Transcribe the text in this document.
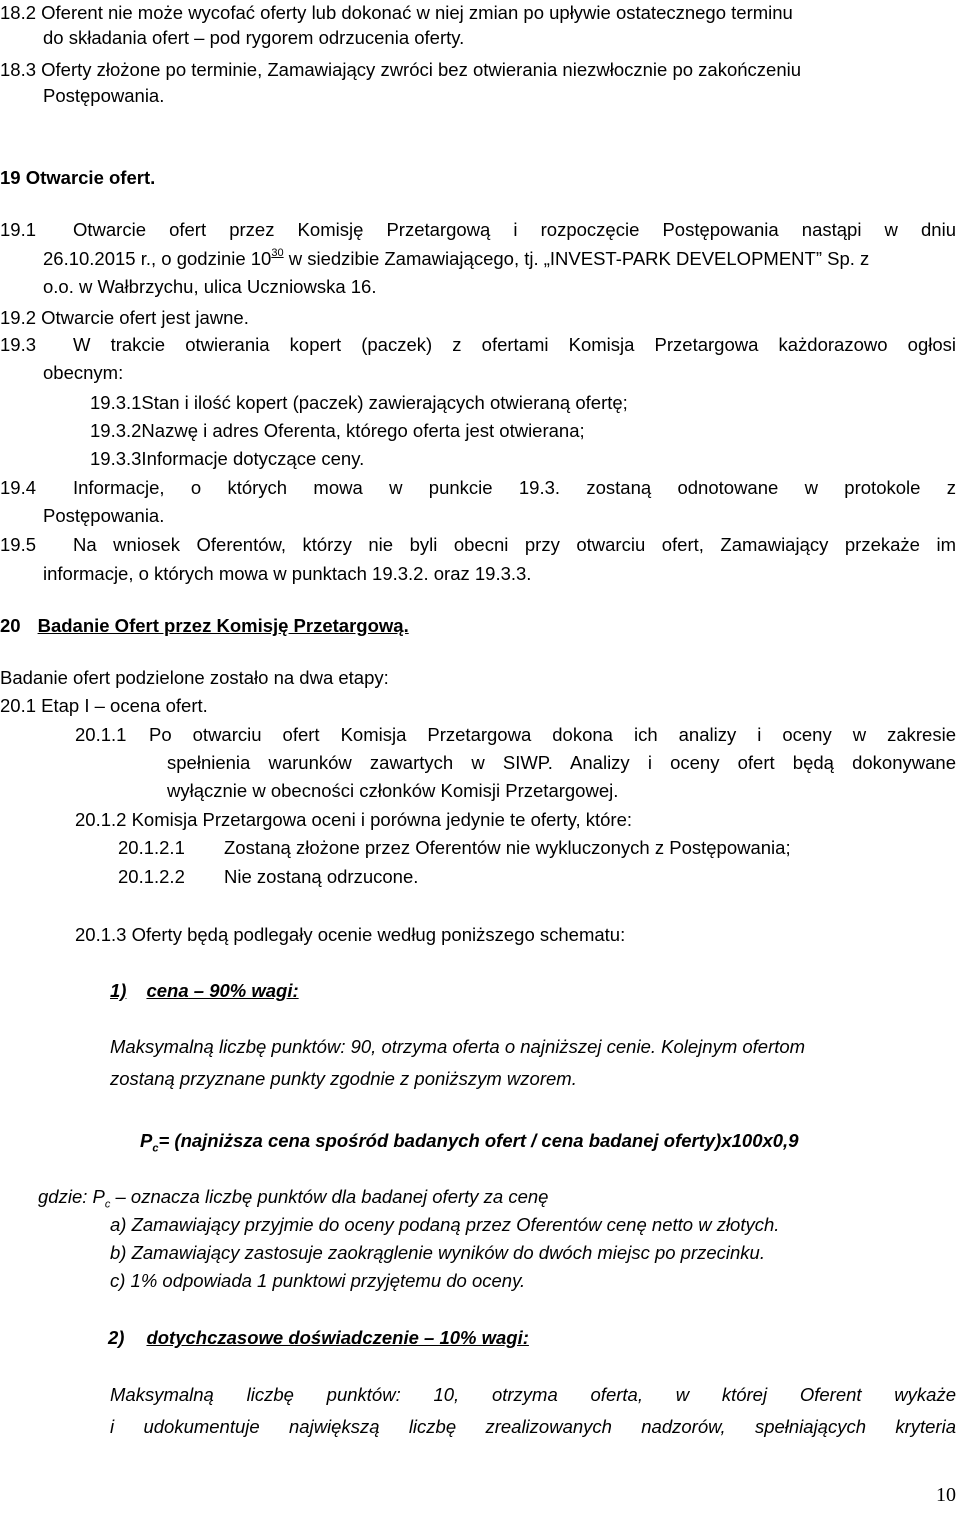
18.2 Oferent nie może wycofać oferty lub dokonać w niej zmian po upływie ostatecznego terminu
do składania ofert – pod rygorem odrzucenia oferty.
18.3 Oferty złożone po terminie, Zamawiający zwróci bez otwierania niezwłocznie po zakończeniu
Postępowania.
19 Otwarcie ofert.
19.1 Otwarcie ofert przez Komisję Przetargową i rozpoczęcie Postępowania nastąpi w dniu
26.10.2015 r., o godzinie $10^{30}$ w siedzibie Zamawiającego, tj. „INVEST-PARK DEVELOPMENT” Sp. z
o.o. w Wałbrzychu, ulica Uczniowska 16.
19.2 Otwarcie ofert jest jawne.
19.3 W trakcie otwierania kopert (paczek) z ofertami Komisja Przetargowa każdorazowo ogłosi
obecnym:
19.3.1Stan i ilość kopert (paczek) zawierających otwieraną ofertę;
19.3.2Nazwę i adres Oferenta, którego oferta jest otwierana;
19.3.3Informacje dotyczące ceny.
19.4 Informacje, o których mowa w punkcie 19.3. zostaną odnotowane w protokole z
Postępowania.
19.5 Na wniosek Oferentów, którzy nie byli obecni przy otwarciu ofert, Zamawiający przekaże im
informacje, o których mowa w punktach 19.3.2. oraz 19.3.3.
20 Badanie Ofert przez Komisję Przetargową.
Badanie ofert podzielone zostało na dwa etapy:
20.1 Etap I – ocena ofert.
20.1.1 Po otwarciu ofert Komisja Przetargowa dokona ich analizy i oceny w zakresie
spełnienia warunków zawartych w SIWP. Analizy i oceny ofert będą dokonywane
wyłącznie w obecności członków Komisji Przetargowej.
20.1.2 Komisja Przetargowa oceni i porówna jedynie te oferty, które:
20.1.2.1 Zostaną złożone przez Oferentów nie wykluczonych z Postępowania;
20.1.2.2 Nie zostaną odrzucone.
20.1.3 Oferty będą podlegały ocenie według poniższego schematu:
1) cena – 90% wagi:
Maksymalną liczbę punktów: 90, otrzyma oferta o najniższej cenie. Kolejnym ofertom
zostaną przyznane punkty zgodnie z poniższym wzorem.
$P_c=$ (najniższa cena spośród badanych ofert / cena badanej oferty)x100x0,9
gdzie: $P_c$ – oznacza liczbę punktów dla badanej oferty za cenę
a) Zamawiający przyjmie do oceny podaną przez Oferentów cenę netto w złotych.
b) Zamawiający zastosuje zaokrąglenie wyników do dwóch miejsc po przecinku.
c) 1% odpowiada 1 punktowi przyjętemu do oceny.
2) dotychczasowe doświadczenie – 10% wagi:
Maksymalną liczbę punktów: 10, otrzyma oferta, w której Oferent wykaże
i udokumentuje największą liczbę zrealizowanych nadzorów, spełniających kryteria
10
